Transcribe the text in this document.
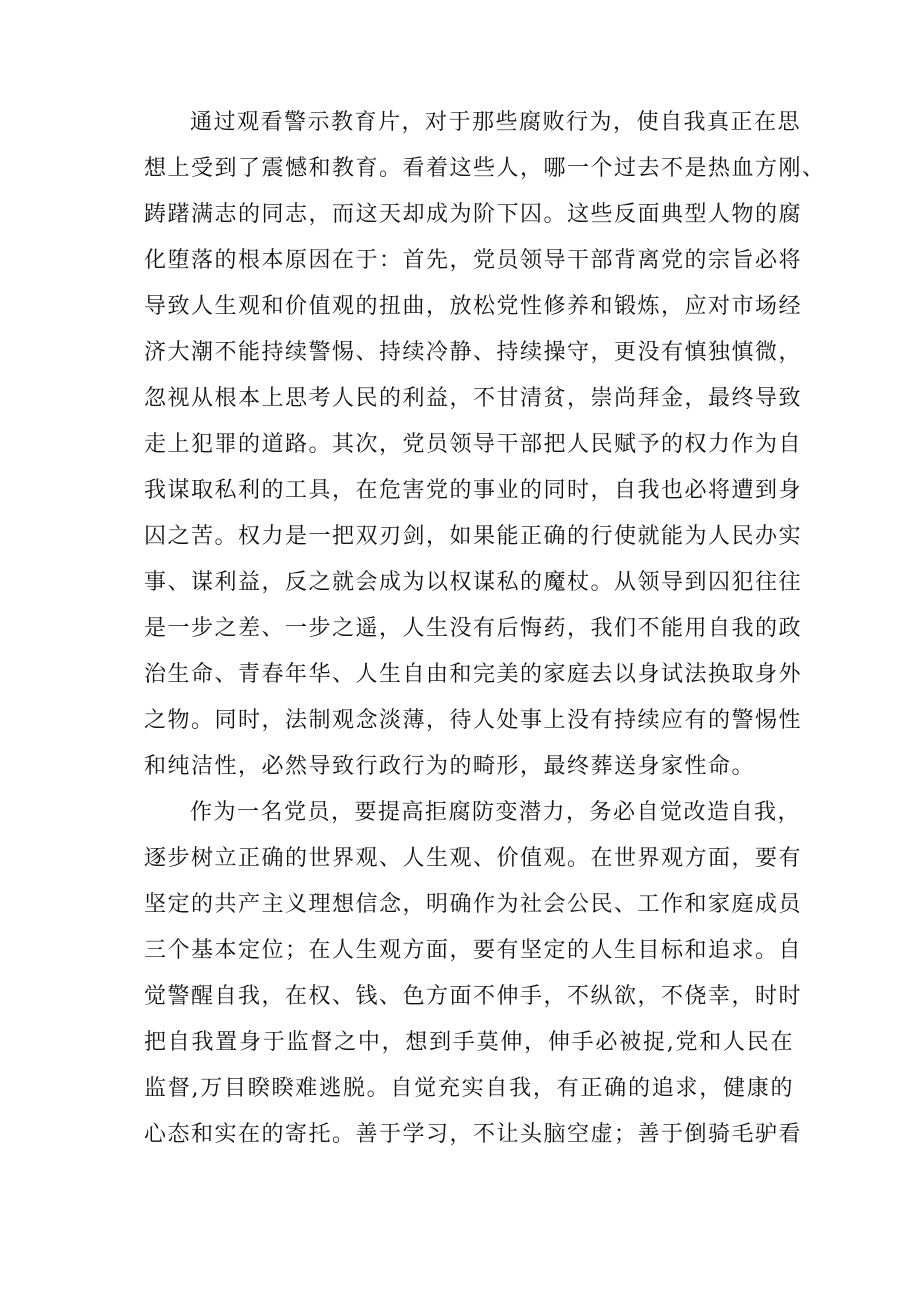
通过观看警示教育片，对于那些腐败行为，使自我真正在思
想上受到了震憾和教育。看着这些人，哪一个过去不是热血方刚、
踌躇满志的同志，而这天却成为阶下囚。这些反面典型人物的腐
化堕落的根本原因在于：首先，党员领导干部背离党的宗旨必将
导致人生观和价值观的扭曲，放松党性修养和锻炼，应对市场经
济大潮不能持续警惕、持续冷静、持续操守，更没有慎独慎微，
忽视从根本上思考人民的利益，不甘清贫，崇尚拜金，最终导致
走上犯罪的道路。其次，党员领导干部把人民赋予的权力作为自
我谋取私利的工具，在危害党的事业的同时，自我也必将遭到身
囚之苦。权力是一把双刃剑，如果能正确的行使就能为人民办实
事、谋利益，反之就会成为以权谋私的魔杖。从领导到囚犯往往
是一步之差、一步之遥，人生没有后悔药，我们不能用自我的政
治生命、青春年华、人生自由和完美的家庭去以身试法换取身外
之物。同时，法制观念淡薄，待人处事上没有持续应有的警惕性
和纯洁性，必然导致行政行为的畸形，最终葬送身家性命。
作为一名党员，要提高拒腐防变潜力，务必自觉改造自我，
逐步树立正确的世界观、人生观、价值观。在世界观方面，要有
坚定的共产主义理想信念，明确作为社会公民、工作和家庭成员
三个基本定位；在人生观方面，要有坚定的人生目标和追求。自
觉警醒自我，在权、钱、色方面不伸手，不纵欲，不侥幸，时时
把自我置身于监督之中，想到手莫伸，伸手必被捉,党和人民在
监督,万目睽睽难逃脱。自觉充实自我，有正确的追求，健康的
心态和实在的寄托。善于学习，不让头脑空虚；善于倒骑毛驴看
